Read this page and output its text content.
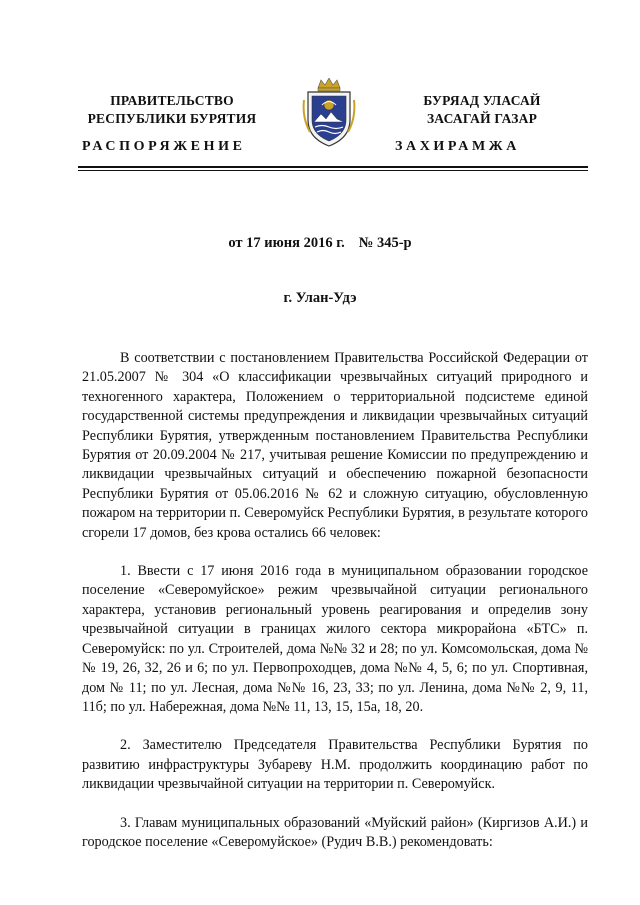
ПРАВИТЕЛЬСТВО
РЕСПУБЛИКИ БУРЯТИЯ
БУРЯАД УЛАСАЙ
ЗАСАГАЙ ГАЗАР
РАСПОРЯЖЕНИЕ	ЗАХИРАМЖА
от 17 июня 2016 г. № 345-р
г. Улан-Удэ

В соответствии с постановлением Правительства Российской Федерации от 21.05.2007 № 304 «О классификации чрезвычайных ситуаций природного и техногенного характера, Положением о территориальной подсистеме единой государственной системы предупреждения и ликвидации чрезвычайных ситуаций Республики Бурятия, утвержденным постановлением Правительства Республики Бурятия от 20.09.2004 № 217, учитывая решение Комиссии по предупреждению и ликвидации чрезвычайных ситуаций и обеспечению пожарной безопасности Республики Бурятия от 05.06.2016 № 62 и сложную ситуацию, обусловленную пожаром на территории п. Северомуйск Республики Бурятия, в результате которого сгорели 17 домов, без крова остались 66 человек:

1. Ввести с 17 июня 2016 года в муниципальном образовании городское поселение «Северомуйское» режим чрезвычайной ситуации регионального характера, установив региональный уровень реагирования и определив зону чрезвычайной ситуации в границах жилого сектора микрорайона «БТС» п. Северомуйск: по ул. Строителей, дома №№ 32 и 28; по ул. Комсомольская, дома №№ 19, 26, 32, 26 и 6; по ул. Первопроходцев, дома №№ 4, 5, 6; по ул. Спортивная, дом № 11; по ул. Лесная, дома №№ 16, 23, 33; по ул. Ленина, дома №№ 2, 9, 11, 11б; по ул. Набережная, дома №№ 11, 13, 15, 15а, 18, 20.

2. Заместителю Председателя Правительства Республики Бурятия по развитию инфраструктуры Зубареву Н.М. продолжить координацию работ по ликвидации чрезвычайной ситуации на территории п. Северомуйск.

3. Главам муниципальных образований «Муйский район» (Киргизов А.И.) и городское поселение «Северомуйское» (Рудич В.В.) рекомендовать:
